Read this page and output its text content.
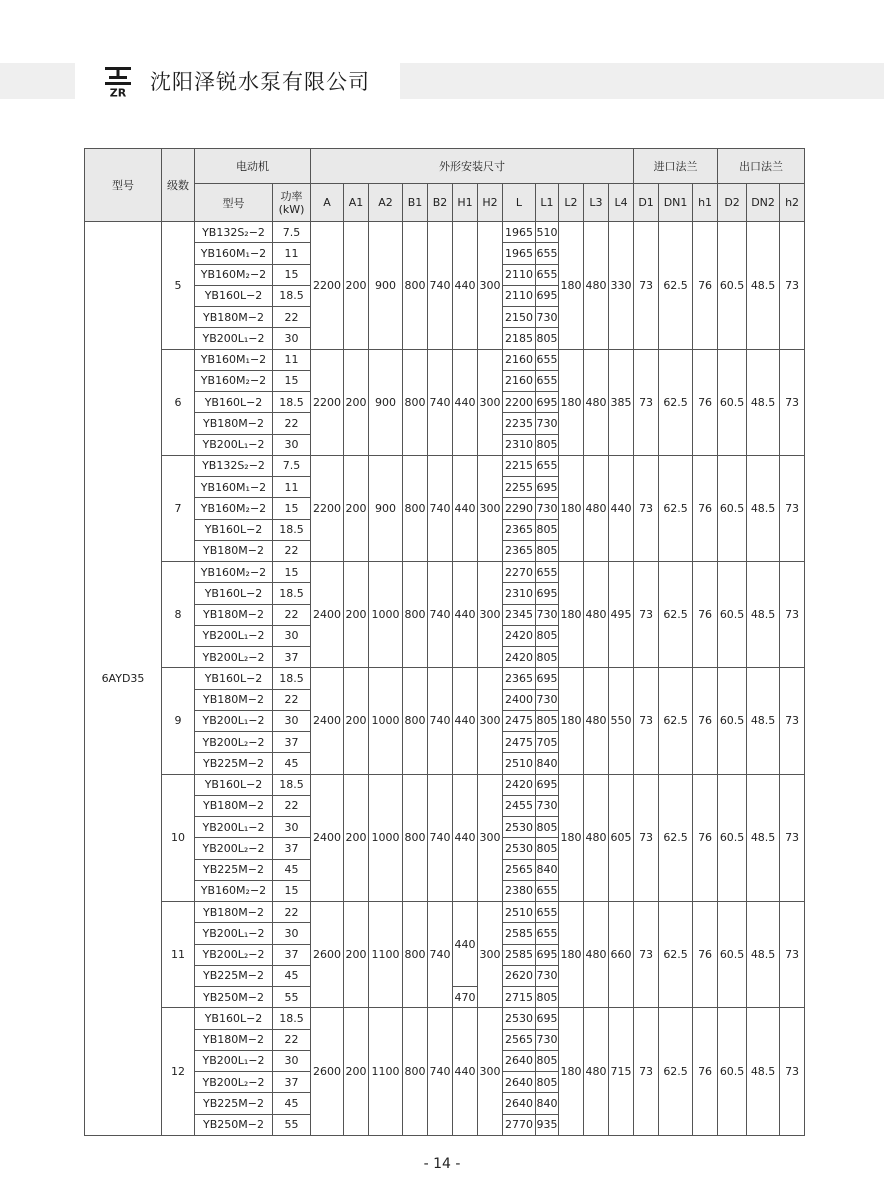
ZR 沈阳泽锐水泵有限公司
型号	级数	电动机		外形安装尺寸												进口法兰			出口法兰		
		型号	功率(kW)	A	A1	A2	B1	B2	H1	H2	L	L1	L2	L3	L4	D1	DN1	h1	D2	DN2	h2
6AYD35	5	YB132S₂−2	7.5	2200	200	900	800	740	440	300	1965	510	180	480	330	73	62.5	76	60.5	48.5	73
		YB160M₁−2	11								1965	655									
		YB160M₂−2	15								2110	655									
		YB160L−2	18.5								2110	695									
		YB180M−2	22								2150	730									
		YB200L₁−2	30								2185	805									
	6	YB160M₁−2	11	2200	200	900	800	740	440	300	2160	655	180	480	385	73	62.5	76	60.5	48.5	73
		YB160M₂−2	15								2160	655									
		YB160L−2	18.5								2200	695									
		YB180M−2	22								2235	730									
		YB200L₁−2	30								2310	805									
	7	YB132S₂−2	7.5	2200	200	900	800	740	440	300	2215	655	180	480	440	73	62.5	76	60.5	48.5	73
		YB160M₁−2	11								2255	695									
		YB160M₂−2	15								2290	730									
		YB160L−2	18.5								2365	805									
		YB180M−2	22								2365	805									
	8	YB160M₂−2	15	2400	200	1000	800	740	440	300	2270	655	180	480	495	73	62.5	76	60.5	48.5	73
		YB160L−2	18.5								2310	695									
		YB180M−2	22								2345	730									
		YB200L₁−2	30								2420	805									
		YB200L₂−2	37								2420	805									
	9	YB160L−2	18.5	2400	200	1000	800	740	440	300	2365	695	180	480	550	73	62.5	76	60.5	48.5	73
		YB180M−2	22								2400	730									
		YB200L₁−2	30								2475	805									
		YB200L₂−2	37								2475	705									
		YB225M−2	45								2510	840									
	10	YB160L−2	18.5	2400	200	1000	800	740	440	300	2420	695	180	480	605	73	62.5	76	60.5	48.5	73
		YB180M−2	22								2455	730									
		YB200L₁−2	30								2530	805									
		YB200L₂−2	37								2530	805									
		YB225M−2	45								2565	840									
		YB160M₂−2	15								2380	655									
	11	YB180M−2	22	2600	200	1100	800	740	440	300	2510	655	180	480	660	73	62.5	76	60.5	48.5	73
		YB200L₁−2	30								2585	655									
		YB200L₂−2	37								2585	695									
		YB225M−2	45								2620	730									
		YB250M−2	55						470		2715	805									
	12	YB160L−2	18.5	2600	200	1100	800	740	440	300	2530	695	180	480	715	73	62.5	76	60.5	48.5	73
		YB180M−2	22								2565	730									
		YB200L₁−2	30								2640	805									
		YB200L₂−2	37								2640	805									
		YB225M−2	45								2640	840									
		YB250M−2	55								2770	935									
- 14 -
